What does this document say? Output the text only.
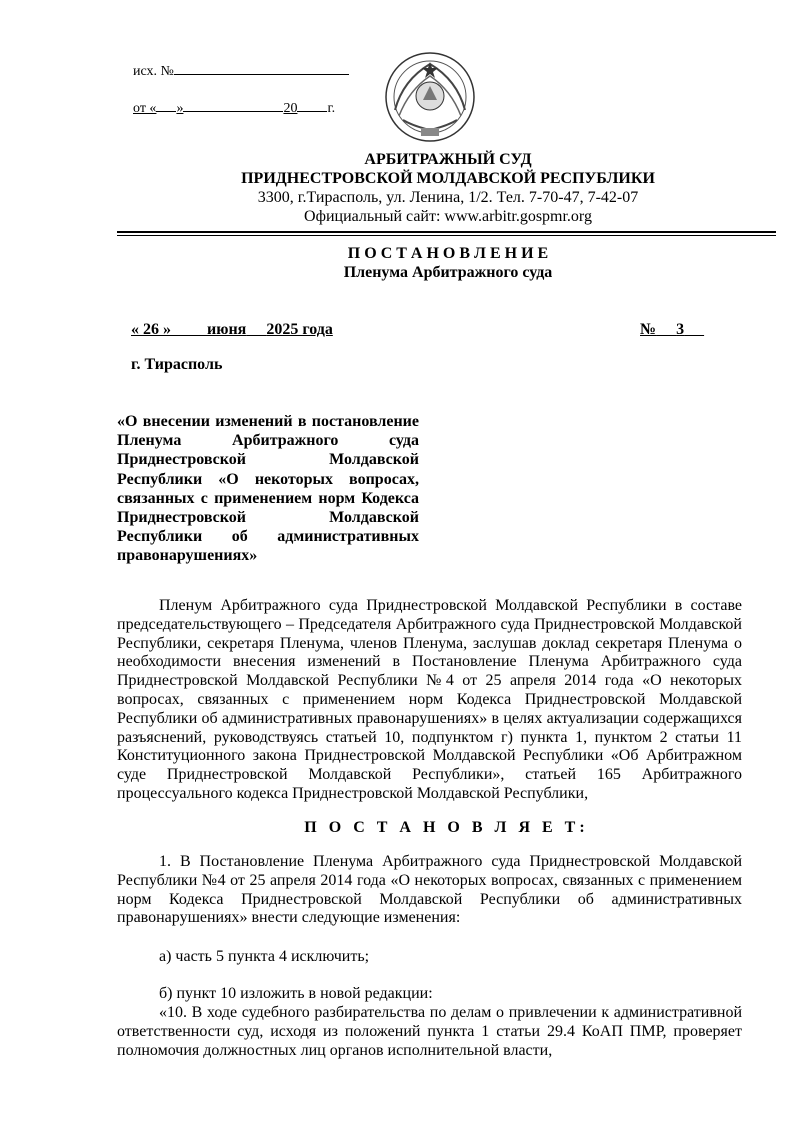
исх. №
от « »	20 г.
АРБИТРАЖНЫЙ СУД
ПРИДНЕСТРОВСКОЙ МОЛДАВСКОЙ РЕСПУБЛИКИ
3300, г.Тирасполь, ул. Ленина, 1/2. Тел. 7-70-47, 7-42-07
Официальный сайт: www.arbitr.gospmr.org
П О С Т А Н О В Л Е Н И Е
Пленума Арбитражного суда
« 26 » июня 2025 года	№ 3
г. Тирасполь
«О внесении изменений в постановление Пленума Арбитражного суда Приднестровской Молдавской Республики «О некоторых вопросах, связанных с применением норм Кодекса Приднестровской Молдавской Республики об административных правонарушениях»
Пленум Арбитражного суда Приднестровской Молдавской Республики в составе председательствующего – Председателя Арбитражного суда Приднестровской Молдавской Республики, секретаря Пленума, членов Пленума, заслушав доклад секретаря Пленума о необходимости внесения изменений в Постановление Пленума Арбитражного суда Приднестровской Молдавской Республики №4 от 25 апреля 2014 года «О некоторых вопросах, связанных с применением норм Кодекса Приднестровской Молдавской Республики об административных правонарушениях» в целях актуализации содержащихся разъяснений, руководствуясь статьей 10, подпунктом г) пункта 1, пунктом 2 статьи 11 Конституционного закона Приднестровской Молдавской Республики «Об Арбитражном суде Приднестровской Молдавской Республики», статьей 165 Арбитражного процессуального кодекса Приднестровской Молдавской Республики,
П О С Т А Н О В Л Я Е Т:
1. В Постановление Пленума Арбитражного суда Приднестровской Молдавской Республики №4 от 25 апреля 2014 года «О некоторых вопросах, связанных с применением норм Кодекса Приднестровской Молдавской Республики об административных правонарушениях» внести следующие изменения:
а) часть 5 пункта 4 исключить;
б) пункт 10 изложить в новой редакции:
«10. В ходе судебного разбирательства по делам о привлечении к административной ответственности суд, исходя из положений пункта 1 статьи 29.4 КоАП ПМР, проверяет полномочия должностных лиц органов исполнительной власти,
